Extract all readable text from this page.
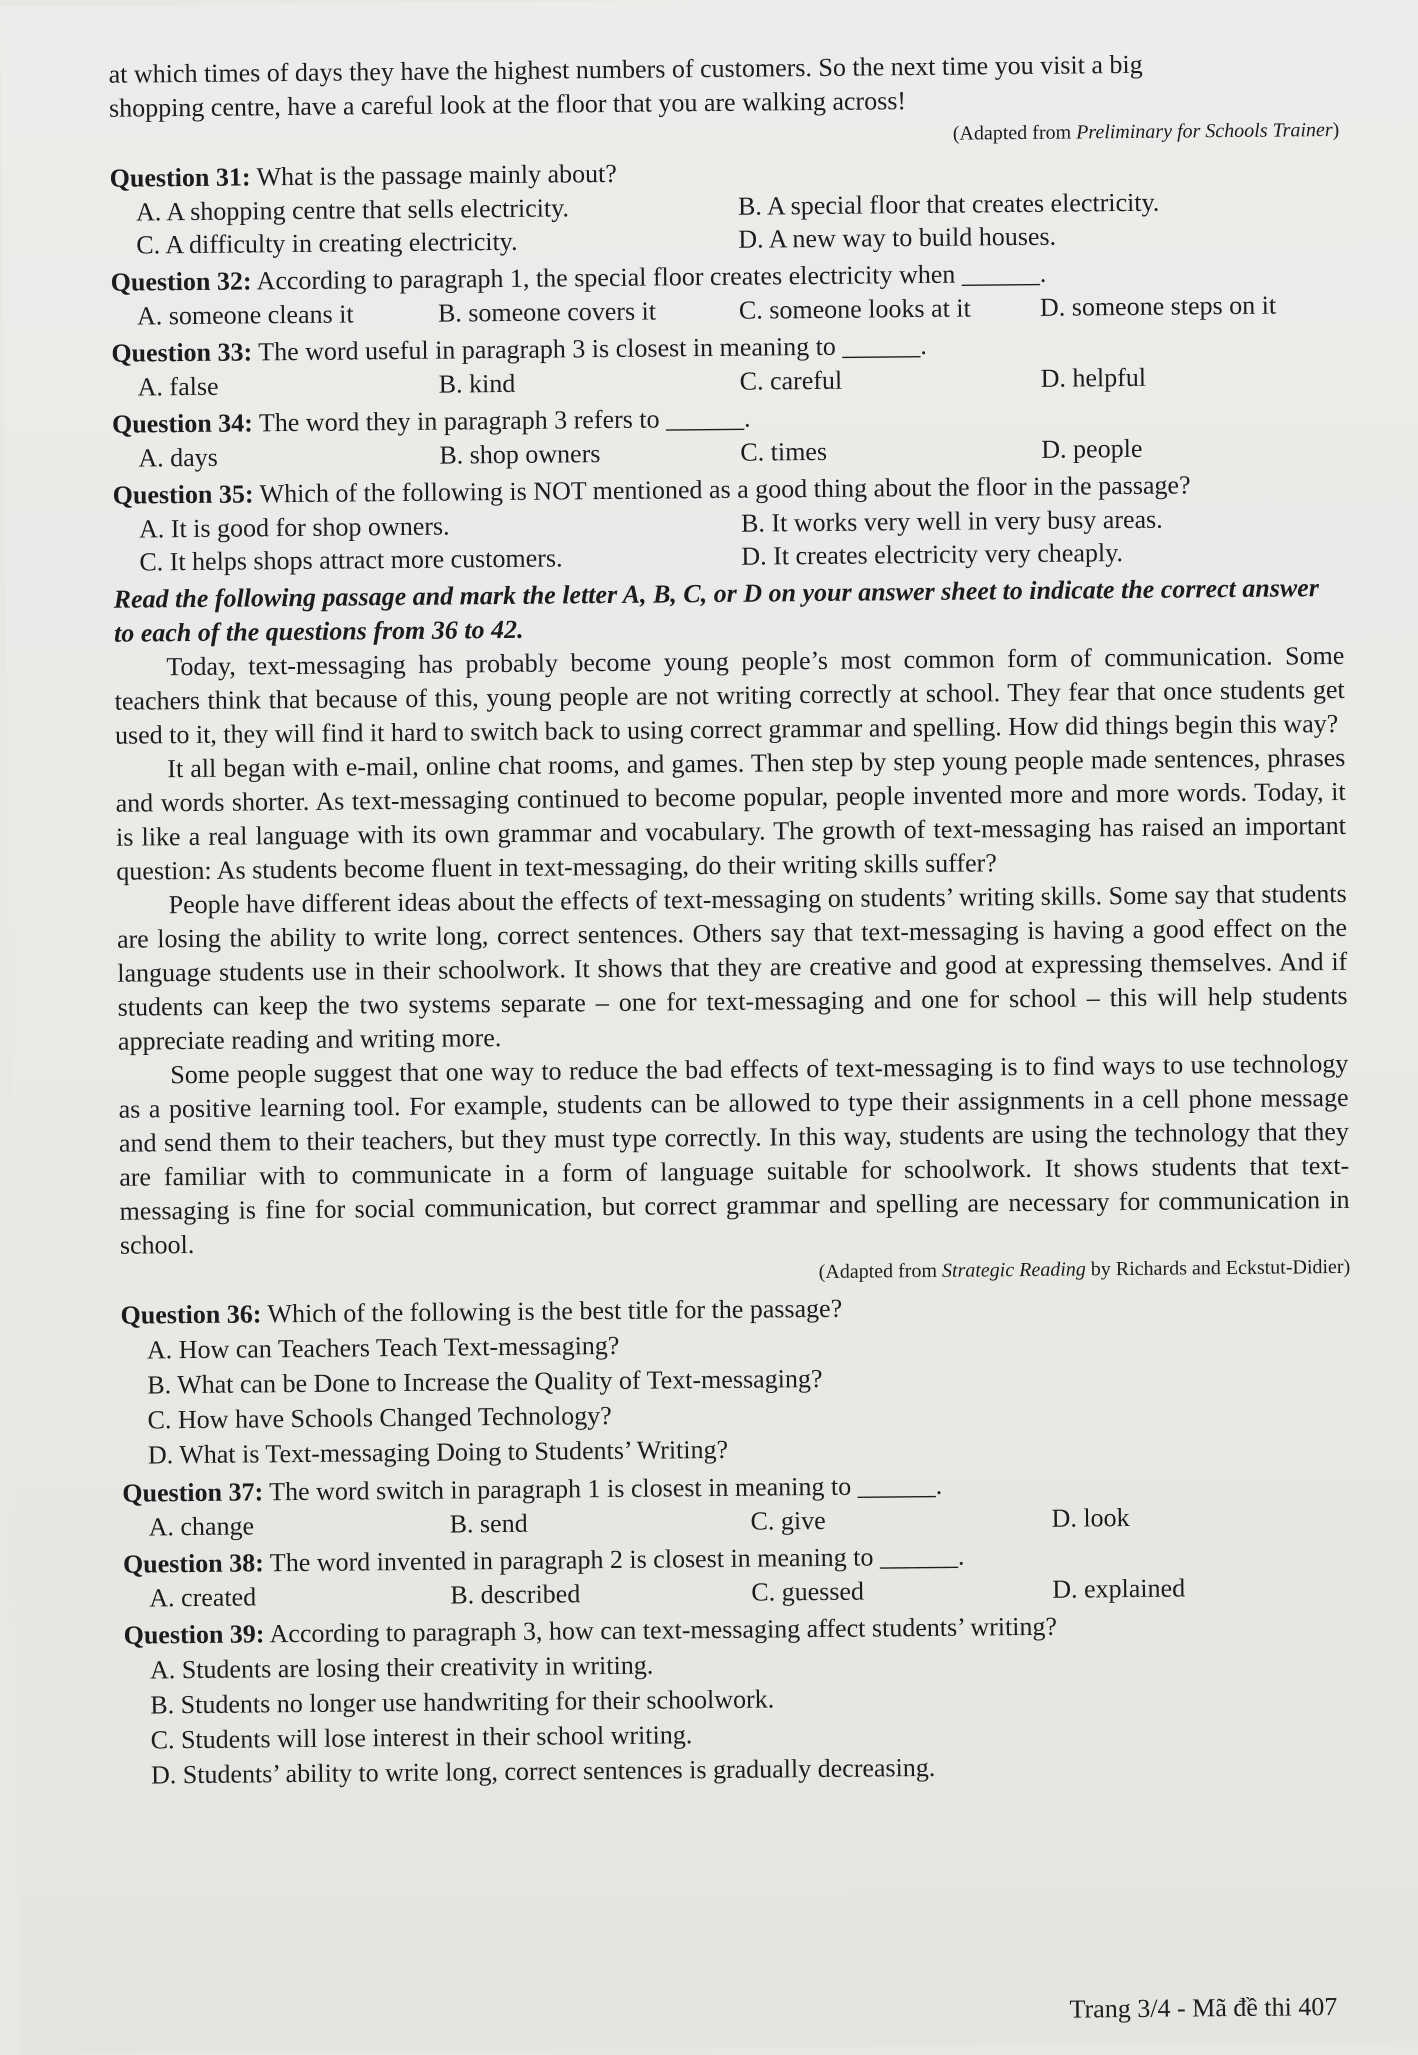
at which times of days they have the highest numbers of customers. So the next time you visit a big
shopping centre, have a careful look at the floor that you are walking across!
(Adapted from Preliminary for Schools Trainer)
Question 31: What is the passage mainly about?
A. A shopping centre that sells electricity.	B. A special floor that creates electricity.
C. A difficulty in creating electricity.	D. A new way to build houses.
Question 32: According to paragraph 1, the special floor creates electricity when ______.
A. someone cleans it	B. someone covers it	C. someone looks at it	D. someone steps on it
Question 33: The word useful in paragraph 3 is closest in meaning to ______.
A. false	B. kind	C. careful	D. helpful
Question 34: The word they in paragraph 3 refers to ______.
A. days	B. shop owners	C. times	D. people
Question 35: Which of the following is NOT mentioned as a good thing about the floor in the passage?
A. It is good for shop owners.	B. It works very well in very busy areas.
C. It helps shops attract more customers.	D. It creates electricity very cheaply.
Read the following passage and mark the letter A, B, C, or D on your answer sheet to indicate the correct answer to each of the questions from 36 to 42.

Today, text-messaging has probably become young people’s most common form of communication. Some teachers think that because of this, young people are not writing correctly at school. They fear that once students get used to it, they will find it hard to switch back to using correct grammar and spelling. How did things begin this way?

It all began with e-mail, online chat rooms, and games. Then step by step young people made sentences, phrases and words shorter. As text-messaging continued to become popular, people invented more and more words. Today, it is like a real language with its own grammar and vocabulary. The growth of text-messaging has raised an important question: As students become fluent in text-messaging, do their writing skills suffer?

People have different ideas about the effects of text-messaging on students’ writing skills. Some say that students are losing the ability to write long, correct sentences. Others say that text-messaging is having a good effect on the language students use in their schoolwork. It shows that they are creative and good at expressing themselves. And if students can keep the two systems separate – one for text-messaging and one for school – this will help students appreciate reading and writing more.

Some people suggest that one way to reduce the bad effects of text-messaging is to find ways to use technology as a positive learning tool. For example, students can be allowed to type their assignments in a cell phone message and send them to their teachers, but they must type correctly. In this way, students are using the technology that they are familiar with to communicate in a form of language suitable for schoolwork. It shows students that text-messaging is fine for social communication, but correct grammar and spelling are necessary for communication in school.

(Adapted from Strategic Reading by Richards and Eckstut-Didier)
Question 36: Which of the following is the best title for the passage?
A. How can Teachers Teach Text-messaging?
B. What can be Done to Increase the Quality of Text-messaging?
C. How have Schools Changed Technology?
D. What is Text-messaging Doing to Students’ Writing?
Question 37: The word switch in paragraph 1 is closest in meaning to ______.
A. change	B. send	C. give	D. look
Question 38: The word invented in paragraph 2 is closest in meaning to ______.
A. created	B. described	C. guessed	D. explained
Question 39: According to paragraph 3, how can text-messaging affect students’ writing?
A. Students are losing their creativity in writing.
B. Students no longer use handwriting for their schoolwork.
C. Students will lose interest in their school writing.
D. Students’ ability to write long, correct sentences is gradually decreasing.
Trang 3/4 - Mã đề thi 407
